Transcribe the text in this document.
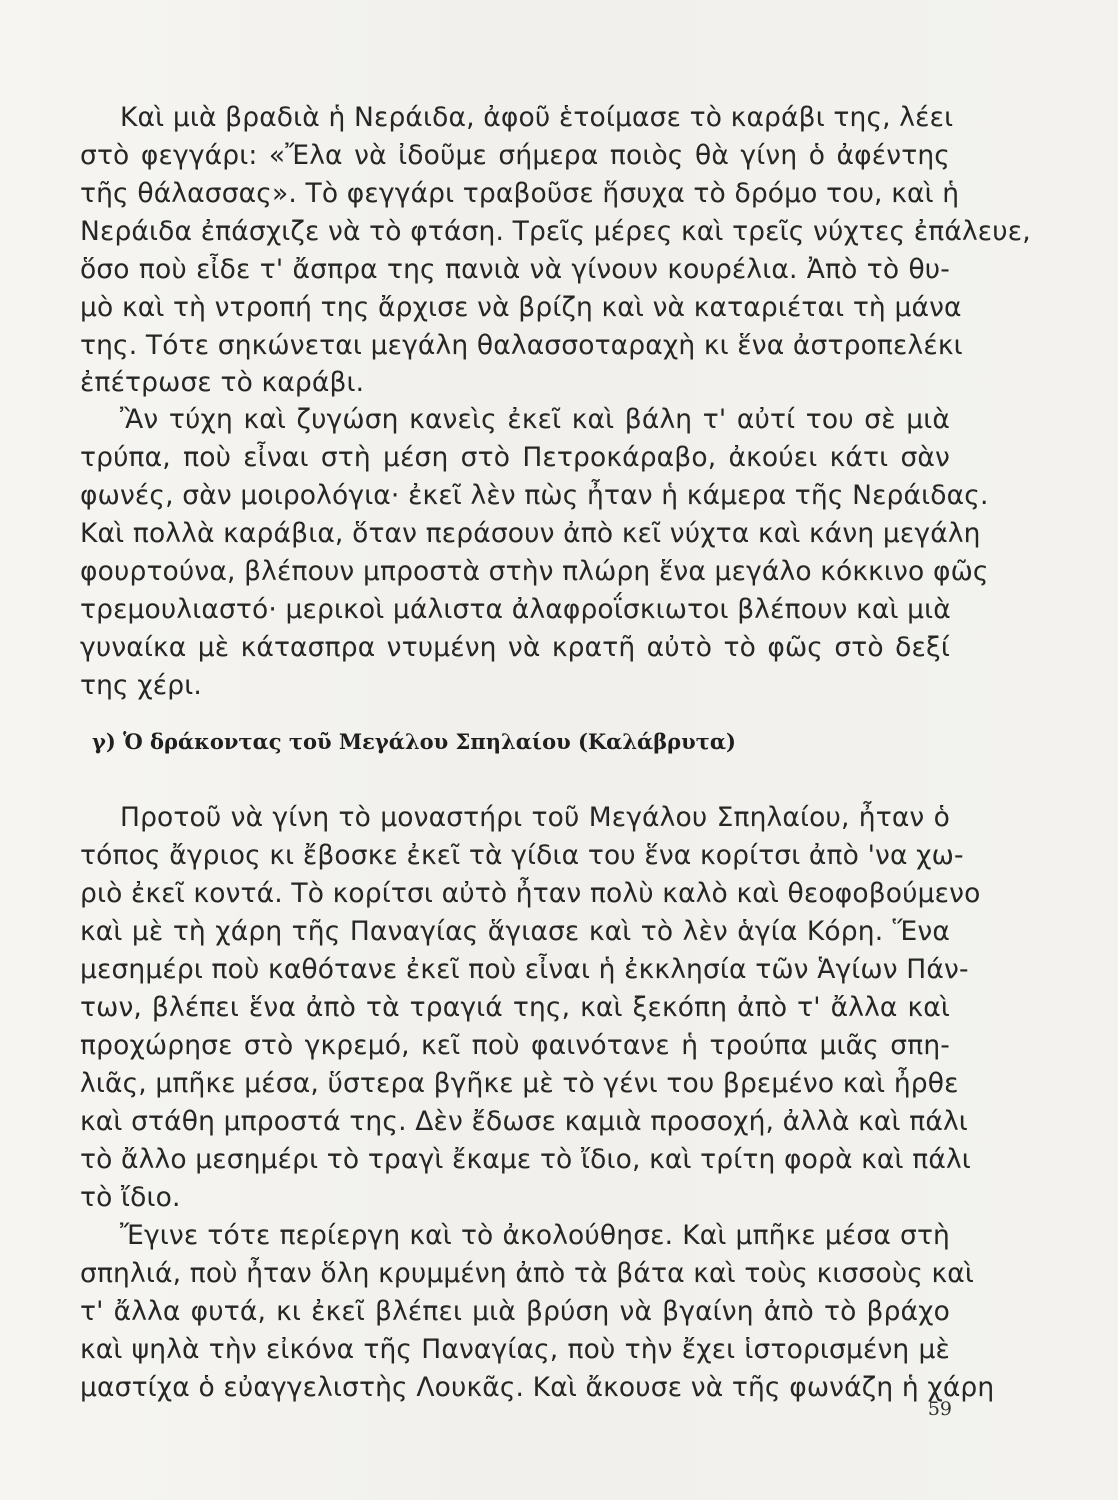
Καὶ μιὰ βραδιὰ ἡ Νεράιδα, ἀφοῦ ἑτοίμασε τὸ καράβι της, λέει
στὸ φεγγάρι: «Ἔλα νὰ ἰδοῦμε σήμερα ποιὸς θὰ γίνη ὁ ἀφέντης
τῆς θάλασσας». Τὸ φεγγάρι τραβοῦσε ἥσυχα τὸ δρόμο του, καὶ ἡ
Νεράιδα ἐπάσχιζε νὰ τὸ φτάση. Τρεῖς μέρες καὶ τρεῖς νύχτες ἐπάλευε,
ὅσο ποὺ εἶδε τ' ἄσπρα της πανιὰ νὰ γίνουν κουρέλια. Ἀπὸ τὸ θυ-
μὸ καὶ τὴ ντροπή της ἄρχισε νὰ βρίζη καὶ νὰ καταριέται τὴ μάνα
της. Τότε σηκώνεται μεγάλη θαλασσοταραχὴ κι ἕνα ἀστροπελέκι
ἐπέτρωσε τὸ καράβι.
Ἂν τύχη καὶ ζυγώση κανεὶς ἐκεῖ καὶ βάλη τ' αὐτί του σὲ μιὰ
τρύπα, ποὺ εἶναι στὴ μέση στὸ Πετροκάραβο, ἀκούει κάτι σὰν
φωνές, σὰν μοιρολόγια· ἐκεῖ λὲν πὼς ἦταν ἡ κάμερα τῆς Νεράιδας.
Καὶ πολλὰ καράβια, ὅταν περάσουν ἀπὸ κεῖ νύχτα καὶ κάνη μεγάλη
φουρτούνα, βλέπουν μπροστὰ στὴν πλώρη ἕνα μεγάλο κόκκινο φῶς
τρεμουλιαστό· μερικοὶ μάλιστα ἀλαφροΐσκιωτοι βλέπουν καὶ μιὰ
γυναίκα μὲ κάτασπρα ντυμένη νὰ κρατῆ αὐτὸ τὸ φῶς στὸ δεξί
της χέρι.
γ) Ὁ δράκοντας τοῦ Μεγάλου Σπηλαίου (Καλάβρυτα)
Προτοῦ νὰ γίνη τὸ μοναστήρι τοῦ Μεγάλου Σπηλαίου, ἦταν ὁ
τόπος ἄγριος κι ἔβοσκε ἐκεῖ τὰ γίδια του ἕνα κορίτσι ἀπὸ 'να χω-
ριὸ ἐκεῖ κοντά. Τὸ κορίτσι αὐτὸ ἦταν πολὺ καλὸ καὶ θεοφοβούμενο
καὶ μὲ τὴ χάρη τῆς Παναγίας ἅγιασε καὶ τὸ λὲν ἁγία Κόρη. Ἕνα
μεσημέρι ποὺ καθότανε ἐκεῖ ποὺ εἶναι ἡ ἐκκλησία τῶν Ἁγίων Πάν-
των, βλέπει ἕνα ἀπὸ τὰ τραγιά της, καὶ ξεκόπη ἀπὸ τ' ἄλλα καὶ
προχώρησε στὸ γκρεμό, κεῖ ποὺ φαινότανε ἡ τρούπα μιᾶς σπη-
λιᾶς, μπῆκε μέσα, ὕστερα βγῆκε μὲ τὸ γένι του βρεμένο καὶ ἦρθε
καὶ στάθη μπροστά της. Δὲν ἔδωσε καμιὰ προσοχή, ἀλλὰ καὶ πάλι
τὸ ἄλλο μεσημέρι τὸ τραγὶ ἔκαμε τὸ ἴδιο, καὶ τρίτη φορὰ καὶ πάλι
τὸ ἴδιο.
Ἔγινε τότε περίεργη καὶ τὸ ἀκολούθησε. Καὶ μπῆκε μέσα στὴ
σπηλιά, ποὺ ἦταν ὅλη κρυμμένη ἀπὸ τὰ βάτα καὶ τοὺς κισσοὺς καὶ
τ' ἄλλα φυτά, κι ἐκεῖ βλέπει μιὰ βρύση νὰ βγαίνη ἀπὸ τὸ βράχο
καὶ ψηλὰ τὴν εἰκόνα τῆς Παναγίας, ποὺ τὴν ἔχει ἱστορισμένη μὲ
μαστίχα ὁ εὐαγγελιστὴς Λουκᾶς. Καὶ ἄκουσε νὰ τῆς φωνάζη ἡ χάρη
59
